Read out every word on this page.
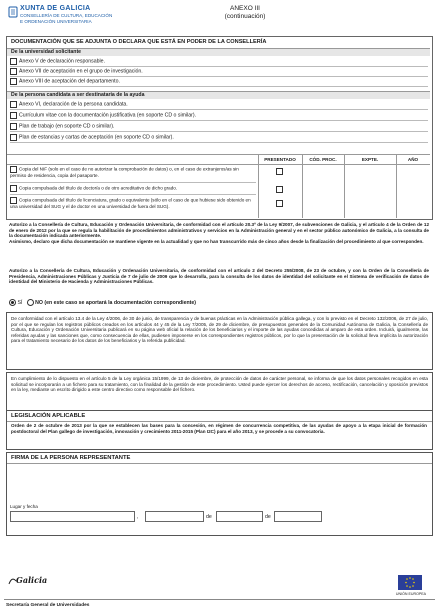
XUNTA DE GALICIA
CONSELLERÍA DE CULTURA, EDUCACIÓN
E ORDENACIÓN UNIVERSITARIA
ANEXO III
(continuación)
DOCUMENTACIÓN QUE SE ADJUNTA O DECLARA QUE ESTÁ EN PODER DE LA CONSELLERÍA
De la universidad solicitante
Anexo V de declaración responsable.
Anexo VII de aceptación en el grupo de investigación.
Anexo VIII de aceptación del departamento.
De la persona candidata a ser destinataria de la ayuda
Anexo VI, declaración de la persona candidata.
Currículum vitae con la documentación justificativa (en soporte CD o similar).
Plan de trabajo (en soporte CD o similar).
Plan de estancias y cartas de aceptación (en soporte CD o similar).
PRESENTADO	CÓD. PROC.	EXPTE.	AÑO
Copia del NIF (solo en el caso de no autorizar la comprobación de datos) o, en el caso de extranjeros/as sin permiso de residencia, copia del pasaporte.
Copia compulsada del título de doctor/a o de otro acreditativo de dicho grado.
Copia compulsada del título de licenciatura, grado o equivalente (sólo en el caso de que hubiese sido obtenido en una universidad del SUG y el de doctor en una universidad de fuera del SUG).
Autorizo a la Consellería de Cultura, Educación y Ordenación Universitaria, de conformidad con el artículo 20.3º de la Ley 9/2007, de subvenciones de Galicia, y el artículo 4 de la Orden de 12 de enero de 2012 por la que se regula la habilitación de procedimientos administrativos y servicios en la Administración general y en el sector público autonómico de Galicia, a la consulta de la documentación indicada anteriormente.
Asimismo, declaro que dicha documentación se mantiene vigente en la actualidad y que no han transcurrido más de cinco años desde la finalización del procedimiento al que corresponden.
Autorizo a la Consellería de Cultura, Educación y Ordenación Universitaria, de conformidad con el artículo 2 del Decreto 255/2008, de 23 de octubre, y con la Orden de la Consellería de Presidencia, Administraciones Públicas y Justicia de 7 de julio de 2009 que lo desarrolla, para la consulta de los datos de identidad del solicitante en el Sistema de verificación de datos de identidad del Ministerio de Hacienda y Administraciones Públicas.
SÍ NO (en este caso se aportará la documentación correspondiente)
De conformidad con el artículo 13.4 de la Ley 4/2006, de 30 de junio, de transparencia y de buenas prácticas en la Administración pública gallega, y con lo previsto en el Decreto 132/2006, de 27 de julio, por el que se regulan los registros públicos creados en los artículos 44 y 45 de la Ley 7/2005, de 29 de diciembre, de presupuestos generales de la Comunidad Autónoma de Galicia, la Consellería de Cultura, Educación y Ordenación Universitaria publicará en su página web oficial la relación de los beneficiarios y el importe de las ayudas concedidas al amparo de esta orden. Incluirá, igualmente, las referidas ayudas y las sanciones que, como consecuencia de ellas, pudiesen imponerse en los correspondientes registros públicos, por lo que la presentación de la solicitud lleva implícita la autorización para el tratamiento necesario de los datos de los beneficiarios y la referida publicidad.
En cumplimiento de lo dispuesto en el artículo 5 de la Ley orgánica 15/1999, de 13 de diciembre, de protección de datos de carácter personal, se informa de que los datos personales recogidos en esta solicitud se incorporarán a un fichero para su tratamiento, con la finalidad de la gestión de este procedimiento. Usted puede ejercer los derechos de acceso, rectificación, cancelación y oposición previstos en la ley, mediante un escrito dirigido a este centro directivo como responsable del fichero.
LEGISLACIÓN APLICABLE
Orden de 2 de octubre de 2013 por la que se establecen las bases para la concesión, en régimen de concurrencia competitiva, de las ayudas de apoyo a la etapa inicial de formación postdoctoral del Plan gallego de investigación, innovación y crecimiento 2011-2015 (Plan I2C) para el año 2013, y se procede a su convocatoria.
FIRMA DE LA PERSONA REPRESENTANTE
Lugar y fecha
,	de	de
Galicia
UNIÓN EUROPEA
Secretaría General de Universidades
